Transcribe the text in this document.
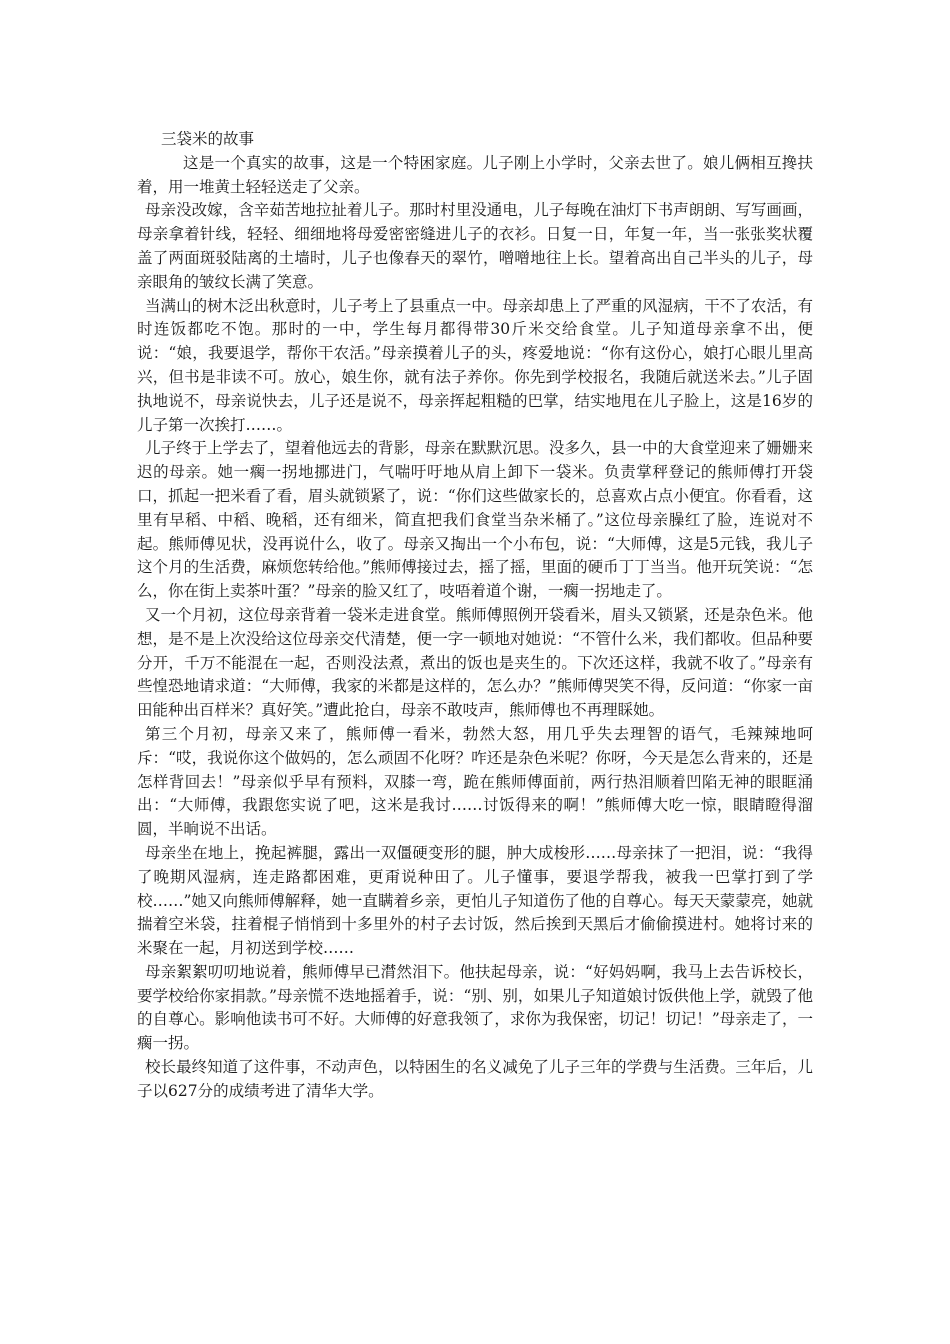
三袋米的故事

这是一个真实的故事，这是一个特困家庭。儿子刚上小学时，父亲去世了。娘儿俩相互搀扶着，用一堆黄土轻轻送走了父亲。

母亲没改嫁，含辛茹苦地拉扯着儿子。那时村里没通电，儿子每晚在油灯下书声朗朗、写写画画，母亲拿着针线，轻轻、细细地将母爱密密缝进儿子的衣衫。日复一日，年复一年，当一张张奖状覆盖了两面斑驳陆离的土墙时，儿子也像春天的翠竹，噌噌地往上长。望着高出自己半头的儿子，母亲眼角的皱纹长满了笑意。

当满山的树木泛出秋意时，儿子考上了县重点一中。母亲却患上了严重的风湿病，干不了农活，有时连饭都吃不饱。那时的一中，学生每月都得带30斤米交给食堂。儿子知道母亲拿不出，便说：“娘，我要退学，帮你干农活。”母亲摸着儿子的头，疼爱地说：“你有这份心，娘打心眼儿里高兴，但书是非读不可。放心，娘生你，就有法子养你。你先到学校报名，我随后就送米去。”儿子固执地说不，母亲说快去，儿子还是说不，母亲挥起粗糙的巴掌，结实地甩在儿子脸上，这是16岁的儿子第一次挨打……。

儿子终于上学去了，望着他远去的背影，母亲在默默沉思。没多久，县一中的大食堂迎来了姗姗来迟的母亲。她一瘸一拐地挪进门，气喘吁吁地从肩上卸下一袋米。负责掌秤登记的熊师傅打开袋口，抓起一把米看了看，眉头就锁紧了，说：“你们这些做家长的，总喜欢占点小便宜。你看看，这里有早稻、中稻、晚稻，还有细米，简直把我们食堂当杂米桶了。”这位母亲臊红了脸，连说对不起。熊师傅见状，没再说什么，收了。母亲又掏出一个小布包，说：“大师傅，这是5元钱，我儿子这个月的生活费，麻烦您转给他。”熊师傅接过去，摇了摇，里面的硬币丁丁当当。他开玩笑说：“怎么，你在街上卖茶叶蛋？”母亲的脸又红了，吱唔着道个谢，一瘸一拐地走了。

又一个月初，这位母亲背着一袋米走进食堂。熊师傅照例开袋看米，眉头又锁紧，还是杂色米。他想，是不是上次没给这位母亲交代清楚，便一字一顿地对她说：“不管什么米，我们都收。但品种要分开，千万不能混在一起，否则没法煮，煮出的饭也是夹生的。下次还这样，我就不收了。”母亲有些惶恐地请求道：“大师傅，我家的米都是这样的，怎么办？”熊师傅哭笑不得，反问道：“你家一亩田能种出百样米？真好笑。”遭此抢白，母亲不敢吱声，熊师傅也不再理睬她。

第三个月初，母亲又来了，熊师傅一看米，勃然大怒，用几乎失去理智的语气，毛辣辣地呵斥：“哎，我说你这个做妈的，怎么顽固不化呀？咋还是杂色米呢？你呀，今天是怎么背来的，还是怎样背回去！”母亲似乎早有预料，双膝一弯，跪在熊师傅面前，两行热泪顺着凹陷无神的眼眶涌出：“大师傅，我跟您实说了吧，这米是我讨……讨饭得来的啊！”熊师傅大吃一惊，眼睛瞪得溜圆，半晌说不出话。

母亲坐在地上，挽起裤腿，露出一双僵硬变形的腿，肿大成梭形……母亲抹了一把泪，说：“我得了晚期风湿病，连走路都困难，更甭说种田了。儿子懂事，要退学帮我，被我一巴掌打到了学校……”她又向熊师傅解释，她一直瞒着乡亲，更怕儿子知道伤了他的自尊心。每天天蒙蒙亮，她就揣着空米袋，拄着棍子悄悄到十多里外的村子去讨饭，然后挨到天黑后才偷偷摸进村。她将讨来的米聚在一起，月初送到学校……

母亲絮絮叨叨地说着，熊师傅早已潸然泪下。他扶起母亲，说：“好妈妈啊，我马上去告诉校长，要学校给你家捐款。”母亲慌不迭地摇着手，说：“别、别，如果儿子知道娘讨饭供他上学，就毁了他的自尊心。影响他读书可不好。大师傅的好意我领了，求你为我保密，切记！切记！”母亲走了，一瘸一拐。

校长最终知道了这件事，不动声色，以特困生的名义减免了儿子三年的学费与生活费。三年后，儿子以627分的成绩考进了清华大学。
